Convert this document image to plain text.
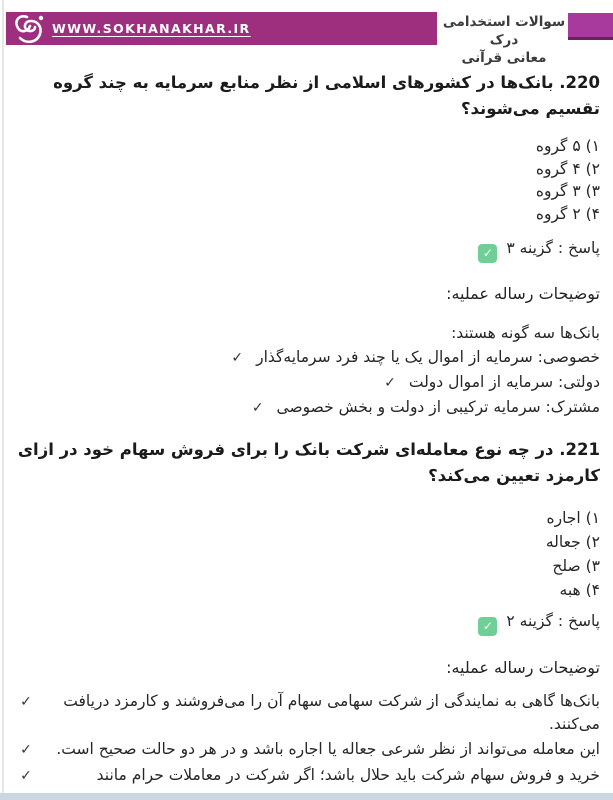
WWW.SOKHANAKHAR.IR	سوالات استخدامی درک
معانی قرآنی
220. بانک‌ها در کشورهای اسلامی از نظر منابع سرمایه به چند گروه تقسیم می‌شوند؟
۱) ۵ گروه
۲) ۴ گروه
۳) ۳ گروه
۴) ۲ گروه
پاسخ : گزینه ۳✓
توضیحات رساله عملیه:
بانک‌ها سه گونه هستند:
خصوصی: سرمایه از اموال یک یا چند فرد سرمایه‌گذار✓
دولتی: سرمایه از اموال دولت✓
مشترک: سرمایه ترکیبی از دولت و بخش خصوصی✓
221. در چه نوع معامله‌ای شرکت بانک را برای فروش سهام خود در ازای کارمزد تعیین می‌کند؟
۱) اجاره
۲) جعاله
۳) صلح
۴) هبه
پاسخ : گزینه ۲✓
توضیحات رساله عملیه:
✓	بانک‌ها گاهی به نمایندگی از شرکت سهامی سهام آن را می‌فروشند و کارمزد دریافت می‌کنند.
✓	این معامله می‌تواند از نظر شرعی جعاله یا اجاره باشد و در هر دو حالت صحیح است.
✓	خرید و فروش سهام شرکت باید حلال باشد؛ اگر شرکت در معاملات حرام مانند
